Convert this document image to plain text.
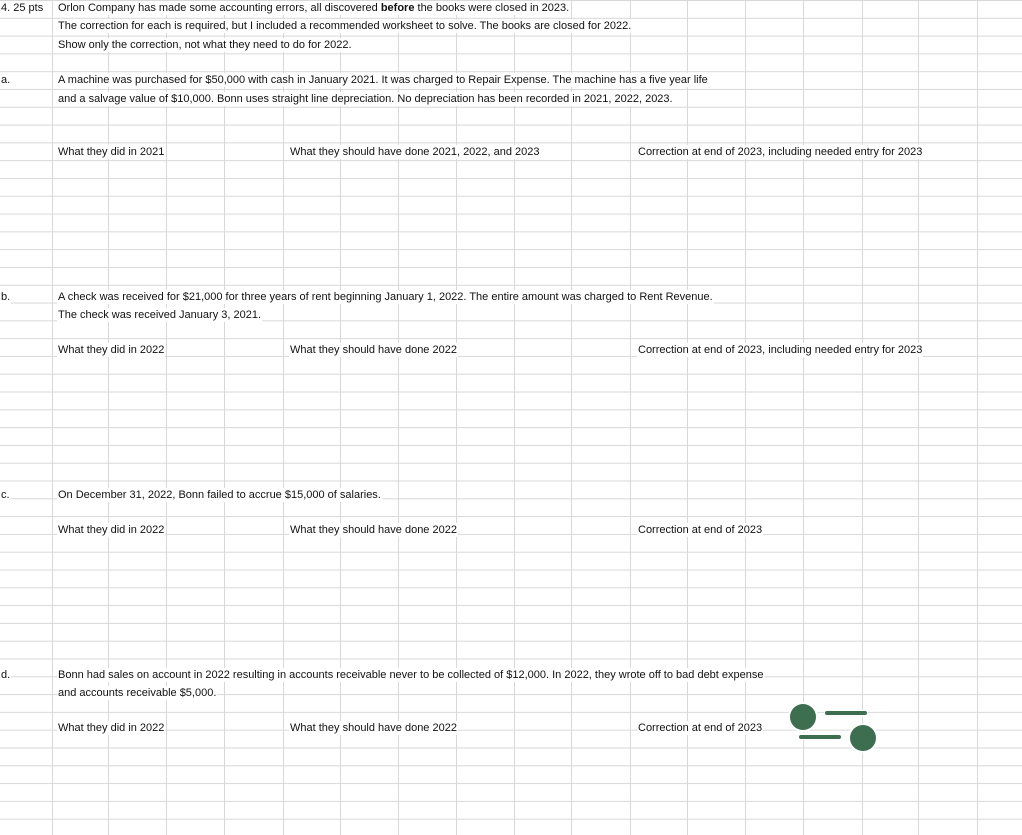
4. 25 pts Orlon Company has made some accounting errors, all discovered before the books were closed in 2023.
The correction for each is required, but I included a recommended worksheet to solve. The books are closed for 2022.
Show only the correction, not what they need to do for 2022.
a.	A machine was purchased for $50,000 with cash in January 2021. It was charged to Repair Expense. The machine has a five year life
and a salvage value of $10,000. Bonn uses straight line depreciation. No depreciation has been recorded in 2021, 2022, 2023.
What they did in 2021	What they should have done 2021, 2022, and 2023	Correction at end of 2023, including needed entry for 2023
b.	A check was received for $21,000 for three years of rent beginning January 1, 2022. The entire amount was charged to Rent Revenue.
The check was received January 3, 2021.
What they did in 2022	What they should have done 2022	Correction at end of 2023, including needed entry for 2023
c.	On December 31, 2022, Bonn failed to accrue $15,000 of salaries.
What they did in 2022	What they should have done 2022	Correction at end of 2023
d.	Bonn had sales on account in 2022 resulting in accounts receivable never to be collected of $12,000. In 2022, they wrote off to bad debt expense
and accounts receivable $5,000.
What they did in 2022	What they should have done 2022	Correction at end of 2023
